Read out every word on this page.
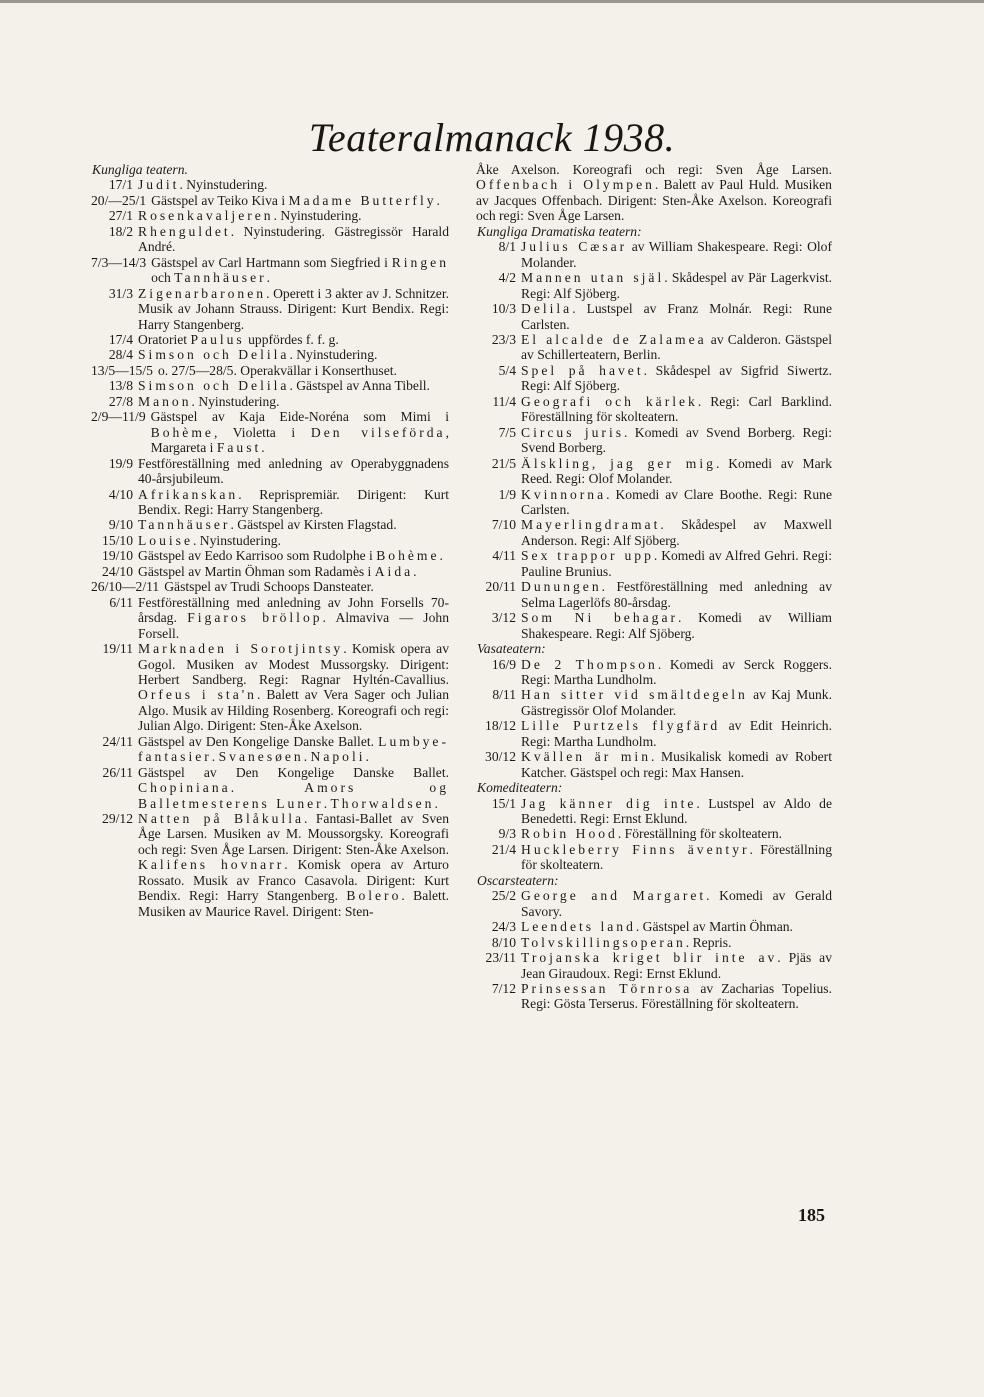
Teateralmanack 1938.
Kungliga teatern.
17/1 Judit. Nyinstudering.
20/—25/1 Gästspel av Teiko Kiva i Madame Butterfly.
27/1 Rosenkavaljeren. Nyinstudering.
18/2 Rhenguldet. Nyinstudering. Gästregissör Harald André.
7/3—14/3 Gästspel av Carl Hartmann som Siegfried i Ringen och Tannhäuser.
31/3 Zigenarbaronen. Operett i 3 akter av J. Schnitzer. Musik av Johann Strauss. Dirigent: Kurt Bendix. Regi: Harry Stangenberg.
17/4 Oratoriet Paulus uppfördes f. f. g.
28/4 Simson och Delila. Nyinstudering.
13/5—15/5 o. 27/5—28/5. Operakvällar i Konserthuset.
13/8 Simson och Delila. Gästspel av Anna Tibell.
27/8 Manon. Nyinstudering.
2/9—11/9 Gästspel av Kaja Eide-Noréna som Mimi i Bohème, Violetta i Den vilseförda, Margareta i Faust.
19/9 Festföreställning med anledning av Operabyggnadens 40-årsjubileum.
4/10 Afrikanskan. Reprispremiär. Dirigent: Kurt Bendix. Regi: Harry Stangenberg.
9/10 Tannhäuser. Gästspel av Kirsten Flagstad.
15/10 Louise. Nyinstudering.
19/10 Gästspel av Eedo Karrisoo som Rudolphe i Bohème.
24/10 Gästspel av Martin Öhman som Radamès i Aida.
26/10—2/11 Gästspel av Trudi Schoops Dansteater.
6/11 Festföreställning med anledning av John Forsells 70-årsdag. Figaros bröllop. Almaviva — John Forsell.
19/11 Marknaden i Sorotjintsy. Komisk opera av Gogol. Musiken av Modest Mussorgsky. Dirigent: Herbert Sandberg. Regi: Ragnar Hyltén-Cavallius. Orfeus i sta'n. Balett av Vera Sager och Julian Algo. Musik av Hilding Rosenberg. Koreografi och regi: Julian Algo. Dirigent: Sten-Åke Axelson.
24/11 Gästspel av Den Kongelige Danske Ballet. Lumbye-fantasier. Svanesøen. Napoli.
26/11 Gästspel av Den Kongelige Danske Ballet. Chopiniana. Amors og Balletmesterens Luner. Thorwaldsen.
29/12 Natten på Blåkulla. Fantasi-Ballet av Sven Åge Larsen. Musiken av M. Moussorgsky. Koreografi och regi: Sven Åge Larsen. Dirigent: Sten-Åke Axelson. Kalifens hovnarr. Komisk opera av Arturo Rossato. Musik av Franco Casavola. Dirigent: Kurt Bendix. Regi: Harry Stangenberg. Bolero. Balett. Musiken av Maurice Ravel. Dirigent: Sten-
Åke Axelson. Koreografi och regi: Sven Åge Larsen. Offenbach i Olympen. Balett av Paul Huld. Musiken av Jacques Offenbach. Dirigent: Sten-Åke Axelson. Koreografi och regi: Sven Åge Larsen.
Kungliga Dramatiska teatern:
8/1 Julius Cæsar av William Shakespeare. Regi: Olof Molander.
4/2 Mannen utan själ. Skådespel av Pär Lagerkvist. Regi: Alf Sjöberg.
10/3 Delila. Lustspel av Franz Molnár. Regi: Rune Carlsten.
23/3 El alcalde de Zalamea av Calderon. Gästspel av Schillerteatern, Berlin.
5/4 Spel på havet. Skådespel av Sigfrid Siwertz. Regi: Alf Sjöberg.
11/4 Geografi och kärlek. Regi: Carl Barklind. Föreställning för skolteatern.
7/5 Circus juris. Komedi av Svend Borberg. Regi: Svend Borberg.
21/5 Älskling, jag ger mig. Komedi av Mark Reed. Regi: Olof Molander.
1/9 Kvinnorna. Komedi av Clare Boothe. Regi: Rune Carlsten.
7/10 Mayerlingdramat. Skådespel av Maxwell Anderson. Regi: Alf Sjöberg.
4/11 Sex trappor upp. Komedi av Alfred Gehri. Regi: Pauline Brunius.
20/11 Dunungen. Festföreställning med anledning av Selma Lagerlöfs 80-årsdag.
3/12 Som Ni behagar. Komedi av William Shakespeare. Regi: Alf Sjöberg.
Vasateatern:
16/9 De 2 Thompson. Komedi av Serck Roggers. Regi: Martha Lundholm.
8/11 Han sitter vid smältdegeln av Kaj Munk. Gästregissör Olof Molander.
18/12 Lille Purtzels flygfärd av Edit Heinrich. Regi: Martha Lundholm.
30/12 Kvällen är min. Musikalisk komedi av Robert Katcher. Gästspel och regi: Max Hansen.
Komediteatern:
15/1 Jag känner dig inte. Lustspel av Aldo de Benedetti. Regi: Ernst Eklund.
9/3 Robin Hood. Föreställning för skolteatern.
21/4 Huckleberry Finns äventyr. Föreställning för skolteatern.
Oscarsteatern:
25/2 George and Margaret. Komedi av Gerald Savory.
24/3 Leendets land. Gästspel av Martin Öhman.
8/10 Tolvskillingsoperan. Repris.
23/11 Trojanska kriget blir inte av. Pjäs av Jean Giraudoux. Regi: Ernst Eklund.
7/12 Prinsessan Törnrosa av Zacharias Topelius. Regi: Gösta Terserus. Föreställning för skolteatern.
185
